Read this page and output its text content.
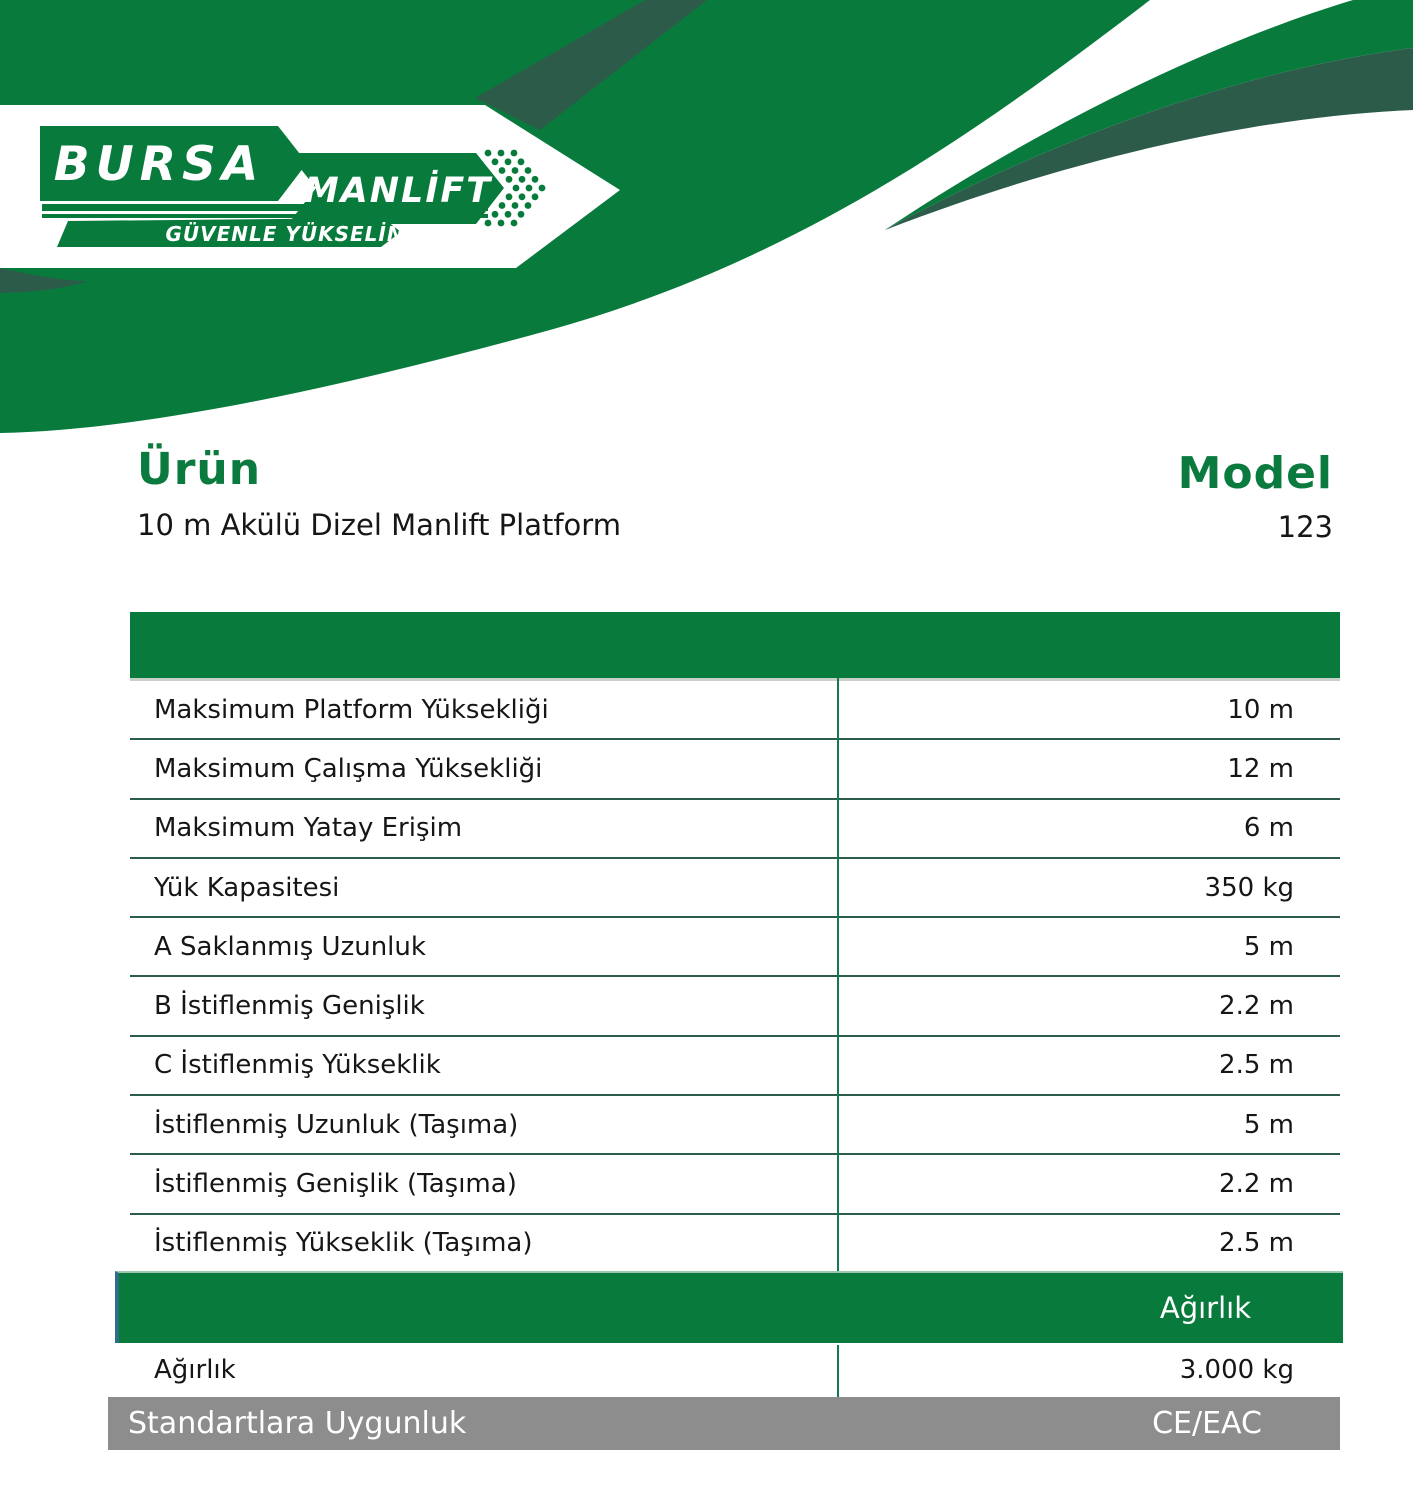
BURSA MANLİFT
GÜVENLE YÜKSELİN
Ürün	Model
10 m Akülü Dizel Manlift Platform	123
Maksimum Platform Yüksekliği	10 m
Maksimum Çalışma Yüksekliği	12 m
Maksimum Yatay Erişim	6 m
Yük Kapasitesi	350 kg
A Saklanmış Uzunluk	5 m
B İstiflenmiş Genişlik	2.2 m
C İstiflenmiş Yükseklik	2.5 m
İstiflenmiş Uzunluk (Taşıma)	5 m
İstiflenmiş Genişlik (Taşıma)	2.2 m
İstiflenmiş Yükseklik (Taşıma)	2.5 m
Ağırlık
Ağırlık	3.000 kg
Standartlara Uygunluk	CE/EAC
